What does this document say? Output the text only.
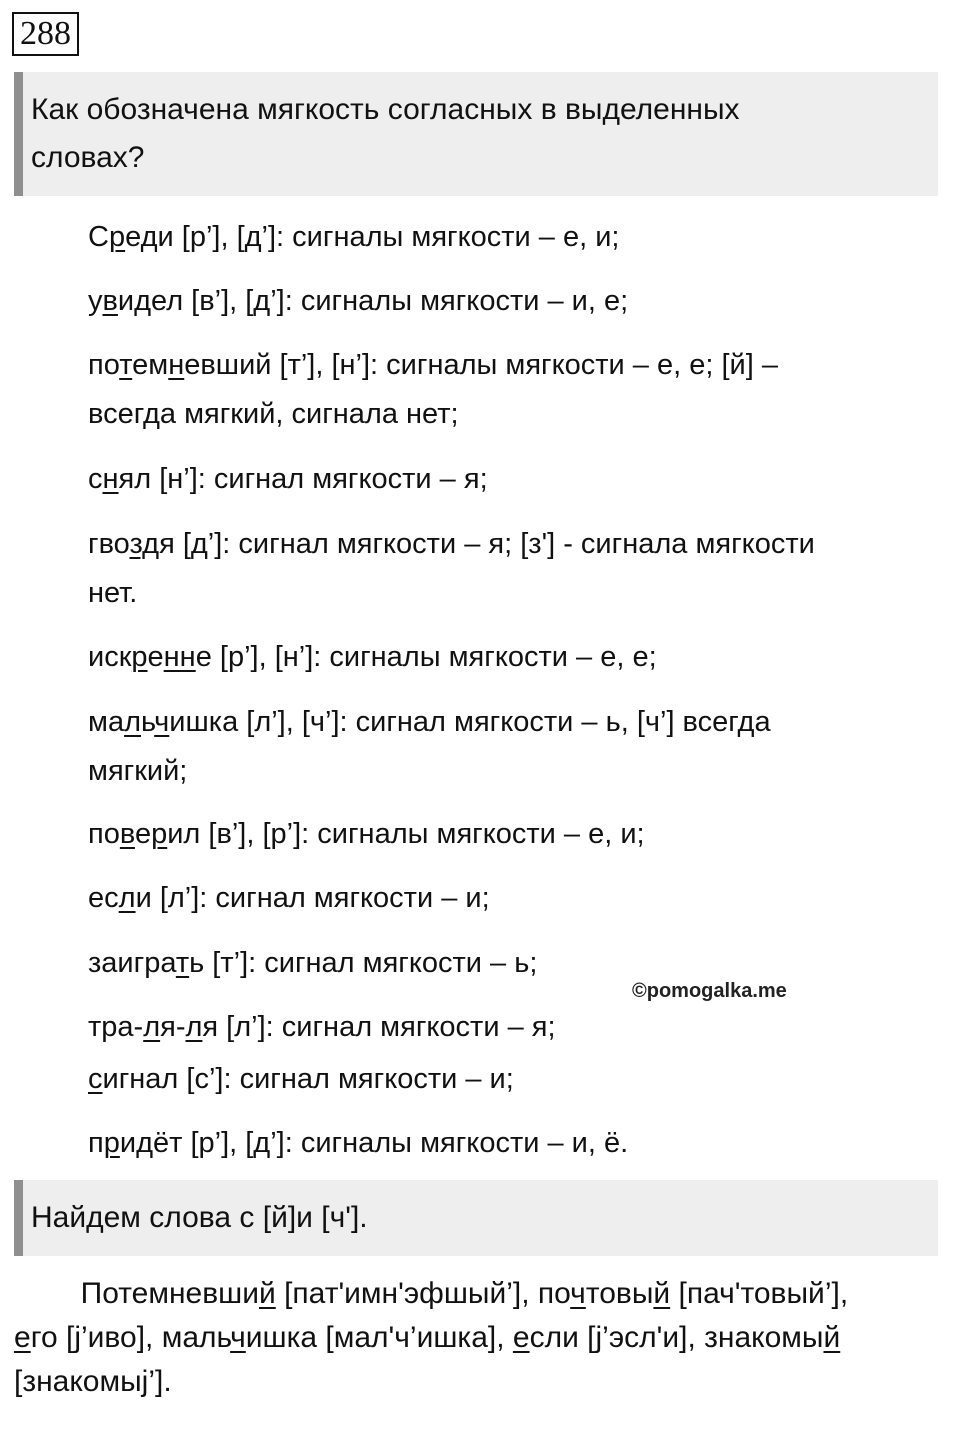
288
Как обозначена мягкость согласных в выделенных
словах?
Среди [р’], [д’]: сигналы мягкости – е, и;
увидел [в’], [д’]: сигналы мягкости – и, е;
потемневший [т’], [н’]: сигналы мягкости – е, е; [й] –
всегда мягкий, сигнала нет;
снял [н’]: сигнал мягкости – я;
гвоздя [д’]: сигнал мягкости – я; [з'] - сигнала мягкости
нет.
искренне [р’], [н’]: сигналы мягкости – е, е;
мальчишка [л’], [ч’]: сигнал мягкости – ь, [ч’] всегда
мягкий;
поверил [в’], [р’]: сигналы мягкости – е, и;
если [л’]: сигнал мягкости – и;
заиграть [т’]: сигнал мягкости – ь;
тра-ля-ля [л’]: сигнал мягкости – я;
сигнал [с’]: сигнал мягкости – и;
придёт [р’], [д’]: сигналы мягкости – и, ё.
©pomogalka.me
Найдем слова с [й]и [ч'].
Потемневший [пат'имн'эфшый’], почтовый [пач'товый’],
его [j’иво], мальчишка [мал'ч’ишка], если [j’эсл'и], знакомый
[знакомыj’].
